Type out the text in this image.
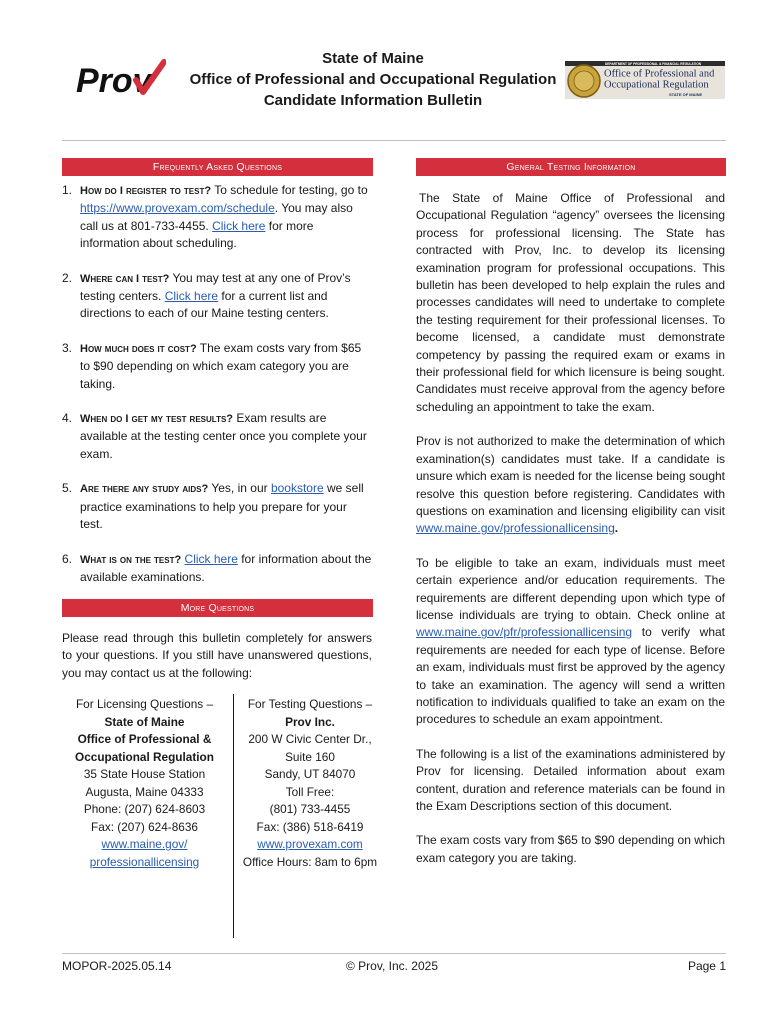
Prov
State of Maine
Office of Professional and Occupational Regulation
Candidate Information Bulletin
DEPARTMENT OF PROFESSIONAL & FINANCIAL REGULATION
Office of Professional and
Occupational Regulation
STATE OF MAINE
Frequently Asked Questions
1. How do I register to test? To schedule for testing, go to https://www.provexam.com/schedule. You may also call us at 801-733-4455. Click here for more information about scheduling.
2. Where can I test? You may test at any one of Prov’s testing centers. Click here for a current list and directions to each of our Maine testing centers.
3. How much does it cost? The exam costs vary from $65 to $90 depending on which exam category you are taking.
4. When do I get my test results? Exam results are available at the testing center once you complete your exam.
5. Are there any study aids? Yes, in our bookstore we sell practice examinations to help you prepare for your test.
6. What is on the test? Click here for information about the available examinations.
More Questions
Please read through this bulletin completely for answers to your questions. If you still have unanswered questions, you may contact us at the following:
For Licensing Questions –
State of Maine
Office of Professional &
Occupational Regulation
35 State House Station
Augusta, Maine 04333
Phone: (207) 624-8603
Fax: (207) 624-8636
www.maine.gov/
professionallicensing
For Testing Questions –
Prov Inc.
200 W Civic Center Dr.,
Suite 160
Sandy, UT 84070
Toll Free:
(801) 733-4455
Fax: (386) 518-6419
www.provexam.com
Office Hours: 8am to 6pm
General Testing Information

The State of Maine Office of Professional and Occupational Regulation “agency” oversees the licensing process for professional licensing. The State has contracted with Prov, Inc. to develop its licensing examination program for professional occupations. This bulletin has been developed to help explain the rules and processes candidates will need to undertake to complete the testing requirement for their professional licenses. To become licensed, a candidate must demonstrate competency by passing the required exam or exams in their professional field for which licensure is being sought. Candidates must receive approval from the agency before scheduling an appointment to take the exam.

Prov is not authorized to make the determination of which examination(s) candidates must take. If a candidate is unsure which exam is needed for the license being sought resolve this question before registering. Candidates with questions on examination and licensing eligibility can visit www.maine.gov/professionallicensing.

To be eligible to take an exam, individuals must meet certain experience and/or education requirements. The requirements are different depending upon which type of license individuals are trying to obtain. Check online at www.maine.gov/pfr/professionallicensing to verify what requirements are needed for each type of license. Before an exam, individuals must first be approved by the agency to take an examination. The agency will send a written notification to individuals qualified to take an exam on the procedures to schedule an exam appointment.

The following is a list of the examinations administered by Prov for licensing. Detailed information about exam content, duration and reference materials can be found in the Exam Descriptions section of this document.

The exam costs vary from $65 to $90 depending on which exam category you are taking.

MOPOR-2025.05.14	© Prov, Inc. 2025	Page 1
